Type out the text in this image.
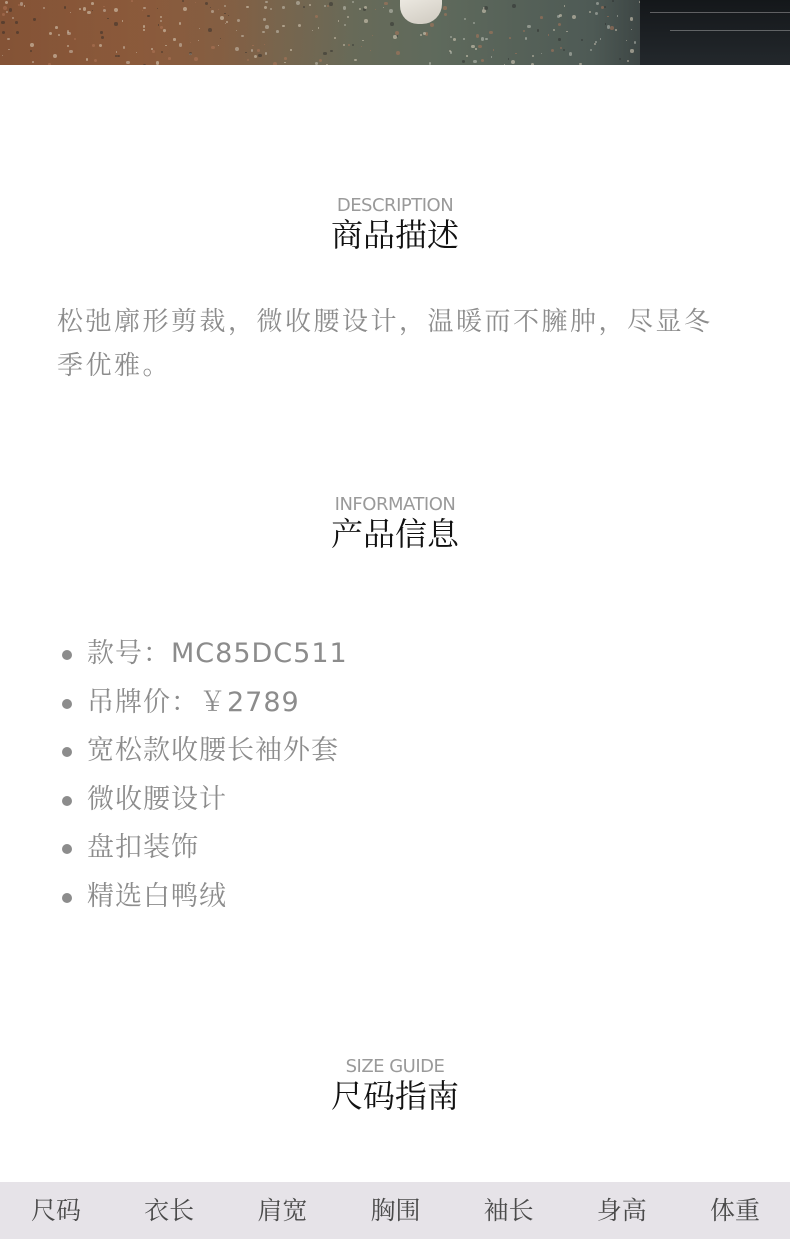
DESCRIPTION
商品描述
松弛廓形剪裁，微收腰设计，温暖而不臃肿，尽显冬季优雅。
INFORMATION
产品信息
款号：MC85DC511
吊牌价：￥2789
宽松款收腰长袖外套
微收腰设计
盘扣装饰
精选白鸭绒
SIZE GUIDE
尺码指南
尺码	衣长	肩宽	胸围	袖长	身高	体重
